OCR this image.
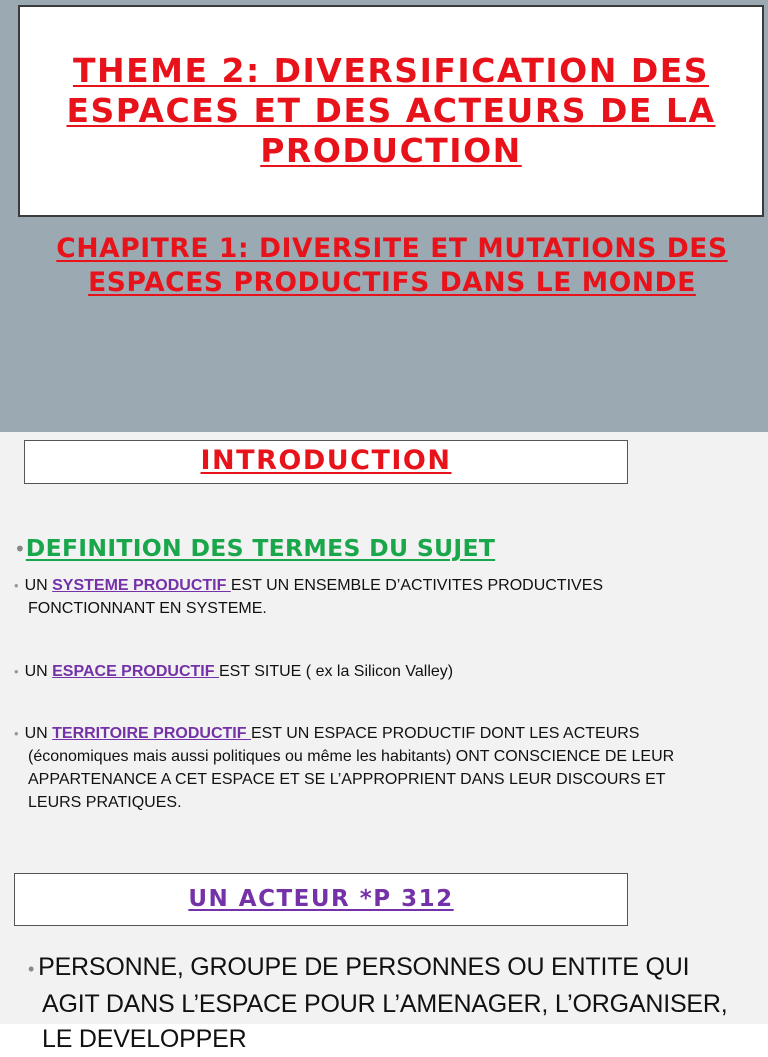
THEME 2: DIVERSIFICATION DES ESPACES ET DES ACTEURS DE LA PRODUCTION
CHAPITRE 1: DIVERSITE ET MUTATIONS DES ESPACES PRODUCTIFS DANS LE MONDE
INTRODUCTION
•DEFINITION DES TERMES DU SUJET
• UN SYSTEME PRODUCTIF EST UN ENSEMBLE D’ACTIVITES PRODUCTIVES
FONCTIONNANT EN SYSTEME.
• UN ESPACE PRODUCTIF EST SITUE ( ex la Silicon Valley)
• UN TERRITOIRE PRODUCTIF EST UN ESPACE PRODUCTIF DONT LES ACTEURS
(économiques mais aussi politiques ou même les habitants) ONT CONSCIENCE DE LEUR
APPARTENANCE A CET ESPACE ET SE L’APPROPRIENT DANS LEUR DISCOURS ET
LEURS PRATIQUES.
UN ACTEUR *P 312
• PERSONNE, GROUPE DE PERSONNES OU ENTITE QUI
AGIT DANS L’ESPACE POUR L’AMENAGER, L’ORGANISER,
LE DEVELOPPER
